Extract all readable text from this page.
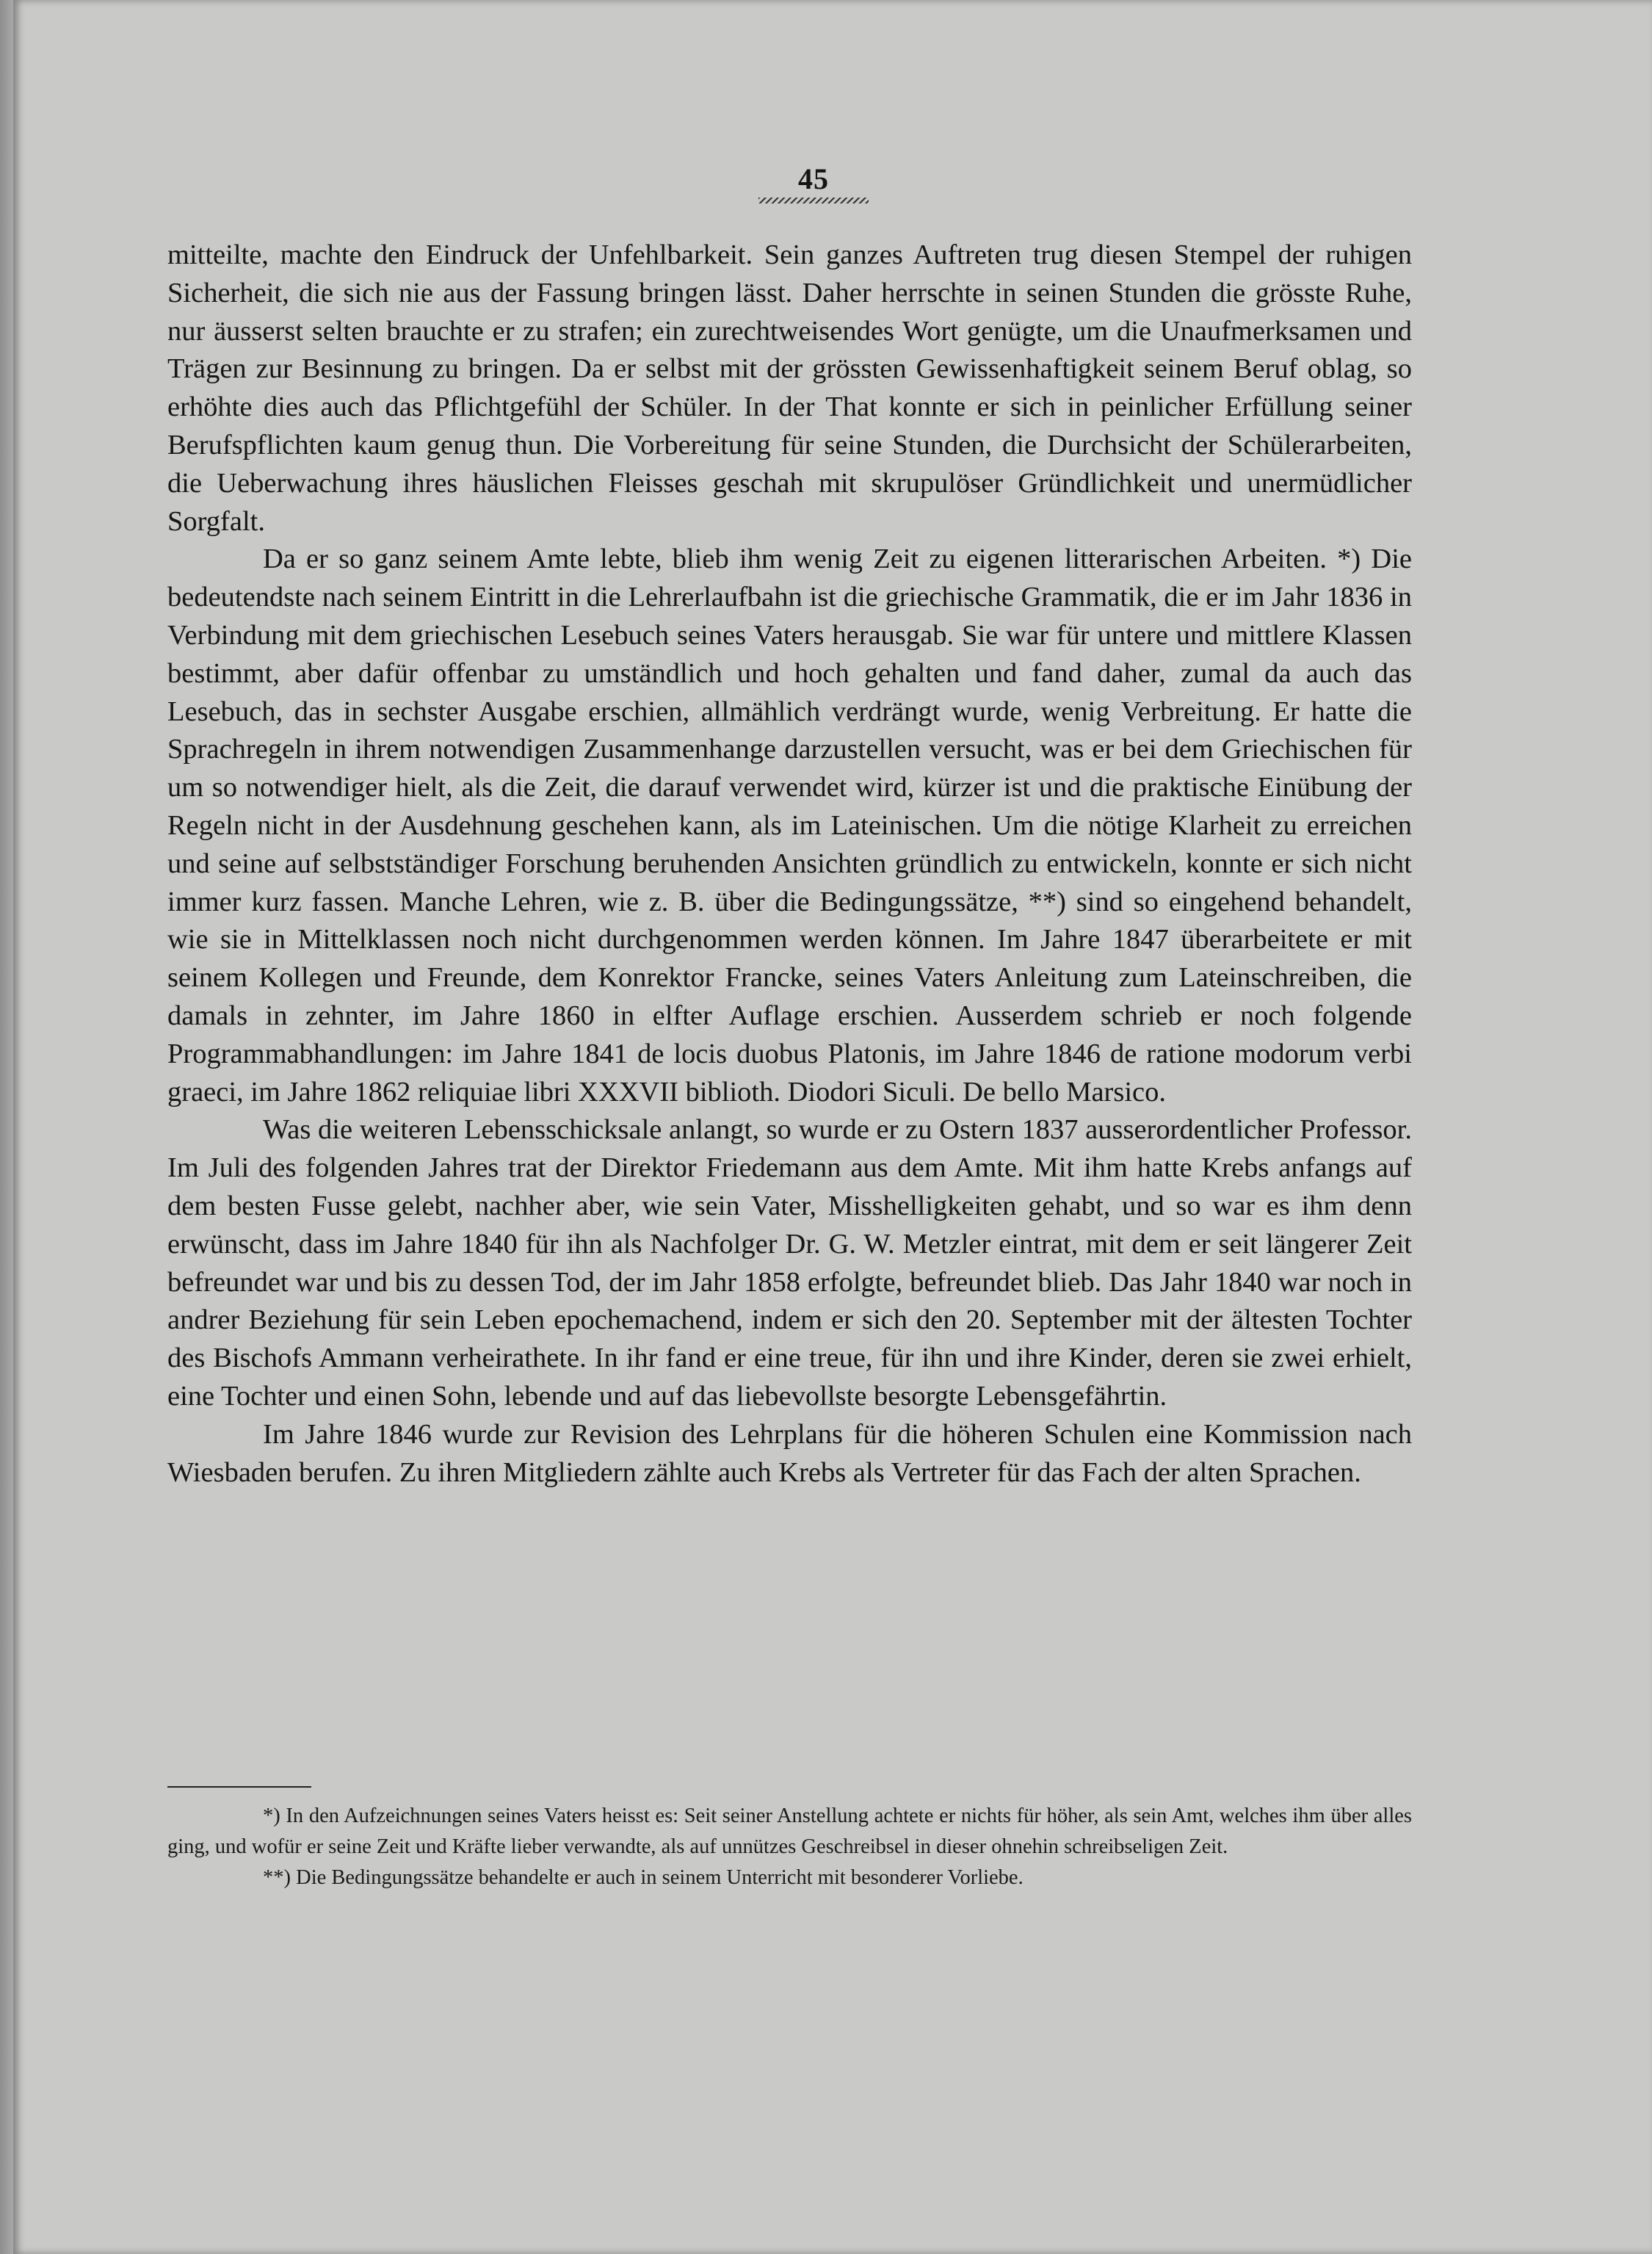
45

mitteilte, machte den Eindruck der Unfehlbarkeit. Sein ganzes Auftreten trug diesen Stempel der ruhigen Sicherheit, die sich nie aus der Fassung bringen lässt. Daher herrschte in seinen Stunden die grösste Ruhe, nur äusserst selten brauchte er zu strafen; ein zurechtweisendes Wort genügte, um die Unaufmerksamen und Trägen zur Besinnung zu bringen. Da er selbst mit der grössten Gewissenhaftigkeit seinem Beruf oblag, so erhöhte dies auch das Pflichtgefühl der Schüler. In der That konnte er sich in peinlicher Erfüllung seiner Berufspflichten kaum genug thun. Die Vorbereitung für seine Stunden, die Durchsicht der Schülerarbeiten, die Ueberwachung ihres häuslichen Fleisses geschah mit skrupulöser Gründlichkeit und unermüdlicher Sorgfalt.

Da er so ganz seinem Amte lebte, blieb ihm wenig Zeit zu eigenen litterarischen Arbeiten. *) Die bedeutendste nach seinem Eintritt in die Lehrerlaufbahn ist die griechische Grammatik, die er im Jahr 1836 in Verbindung mit dem griechischen Lesebuch seines Vaters herausgab. Sie war für untere und mittlere Klassen bestimmt, aber dafür offenbar zu umständlich und hoch gehalten und fand daher, zumal da auch das Lesebuch, das in sechster Ausgabe erschien, allmählich verdrängt wurde, wenig Verbreitung. Er hatte die Sprachregeln in ihrem notwendigen Zusammenhange darzustellen versucht, was er bei dem Griechischen für um so notwendiger hielt, als die Zeit, die darauf verwendet wird, kürzer ist und die praktische Einübung der Regeln nicht in der Ausdehnung geschehen kann, als im Lateinischen. Um die nötige Klarheit zu erreichen und seine auf selbstständiger Forschung beruhenden Ansichten gründlich zu entwickeln, konnte er sich nicht immer kurz fassen. Manche Lehren, wie z. B. über die Bedingungssätze, **) sind so eingehend behandelt, wie sie in Mittelklassen noch nicht durchgenommen werden können. Im Jahre 1847 überarbeitete er mit seinem Kollegen und Freunde, dem Konrektor Francke, seines Vaters Anleitung zum Lateinschreiben, die damals in zehnter, im Jahre 1860 in elfter Auflage erschien. Ausserdem schrieb er noch folgende Programmabhandlungen: im Jahre 1841 de locis duobus Platonis, im Jahre 1846 de ratione modorum verbi graeci, im Jahre 1862 reliquiae libri XXXVII biblioth. Diodori Siculi. De bello Marsico.

Was die weiteren Lebensschicksale anlangt, so wurde er zu Ostern 1837 ausserordentlicher Professor. Im Juli des folgenden Jahres trat der Direktor Friedemann aus dem Amte. Mit ihm hatte Krebs anfangs auf dem besten Fusse gelebt, nachher aber, wie sein Vater, Misshelligkeiten gehabt, und so war es ihm denn erwünscht, dass im Jahre 1840 für ihn als Nachfolger Dr. G. W. Metzler eintrat, mit dem er seit längerer Zeit befreundet war und bis zu dessen Tod, der im Jahr 1858 erfolgte, befreundet blieb. Das Jahr 1840 war noch in andrer Beziehung für sein Leben epochemachend, indem er sich den 20. September mit der ältesten Tochter des Bischofs Ammann verheirathete. In ihr fand er eine treue, für ihn und ihre Kinder, deren sie zwei erhielt, eine Tochter und einen Sohn, lebende und auf das liebevollste besorgte Lebensgefährtin.

Im Jahre 1846 wurde zur Revision des Lehrplans für die höheren Schulen eine Kommission nach Wiesbaden berufen. Zu ihren Mitgliedern zählte auch Krebs als Vertreter für das Fach der alten Sprachen.

*) In den Aufzeichnungen seines Vaters heisst es: Seit seiner Anstellung achtete er nichts für höher, als sein Amt, welches ihm über alles ging, und wofür er seine Zeit und Kräfte lieber verwandte, als auf unnützes Geschreibsel in dieser ohnehin schreibseligen Zeit.

**) Die Bedingungssätze behandelte er auch in seinem Unterricht mit besonderer Vorliebe.
